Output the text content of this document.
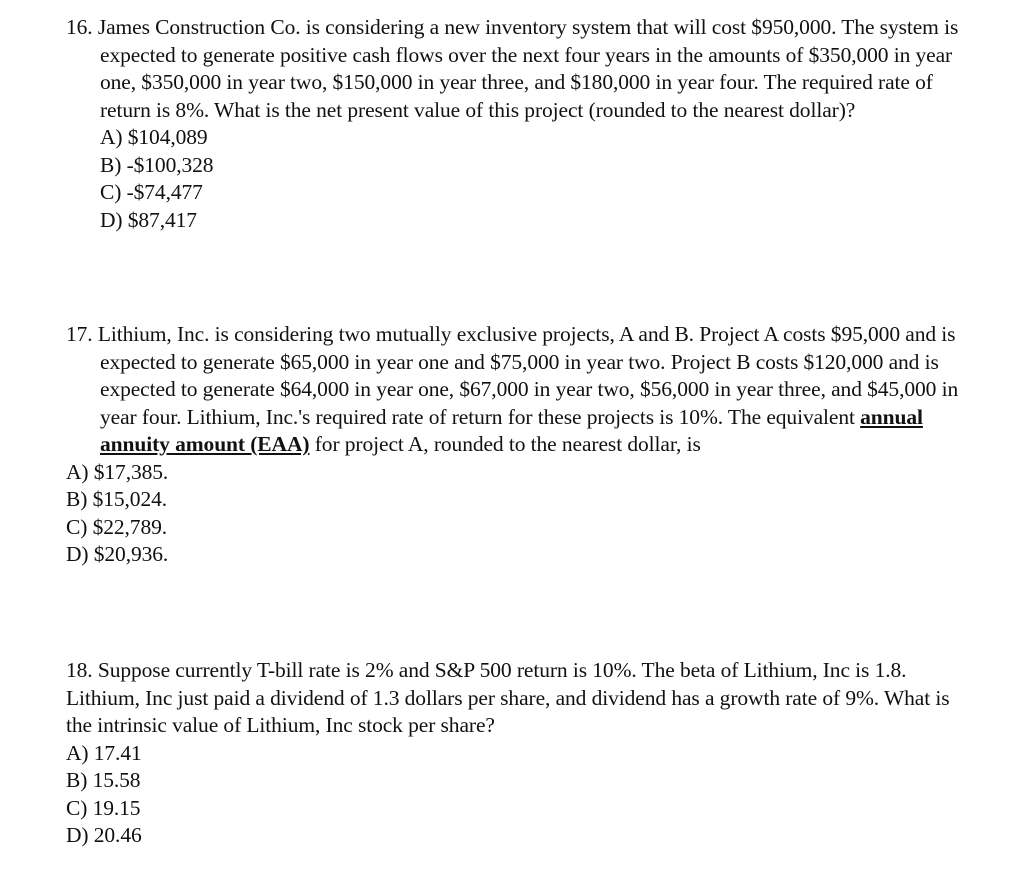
16. James Construction Co. is considering a new inventory system that will cost $950,000. The system is expected to generate positive cash flows over the next four years in the amounts of $350,000 in year one, $350,000 in year two, $150,000 in year three, and $180,000 in year four. The required rate of return is 8%. What is the net present value of this project (rounded to the nearest dollar)?

A) $104,089
B) -$100,328
C) -$74,477
D) $87,417

17. Lithium, Inc. is considering two mutually exclusive projects, A and B. Project A costs $95,000 and is expected to generate $65,000 in year one and $75,000 in year two. Project B costs $120,000 and is expected to generate $64,000 in year one, $67,000 in year two, $56,000 in year three, and $45,000 in year four. Lithium, Inc.'s required rate of return for these projects is 10%. The equivalent annual annuity amount (EAA) for project A, rounded to the nearest dollar, is

A) $17,385.
B) $15,024.
C) $22,789.
D) $20,936.

18. Suppose currently T-bill rate is 2% and S&P 500 return is 10%. The beta of Lithium, Inc is 1.8. Lithium, Inc just paid a dividend of 1.3 dollars per share, and dividend has a growth rate of 9%. What is the intrinsic value of Lithium, Inc stock per share?

A) 17.41
B) 15.58
C) 19.15
D) 20.46
